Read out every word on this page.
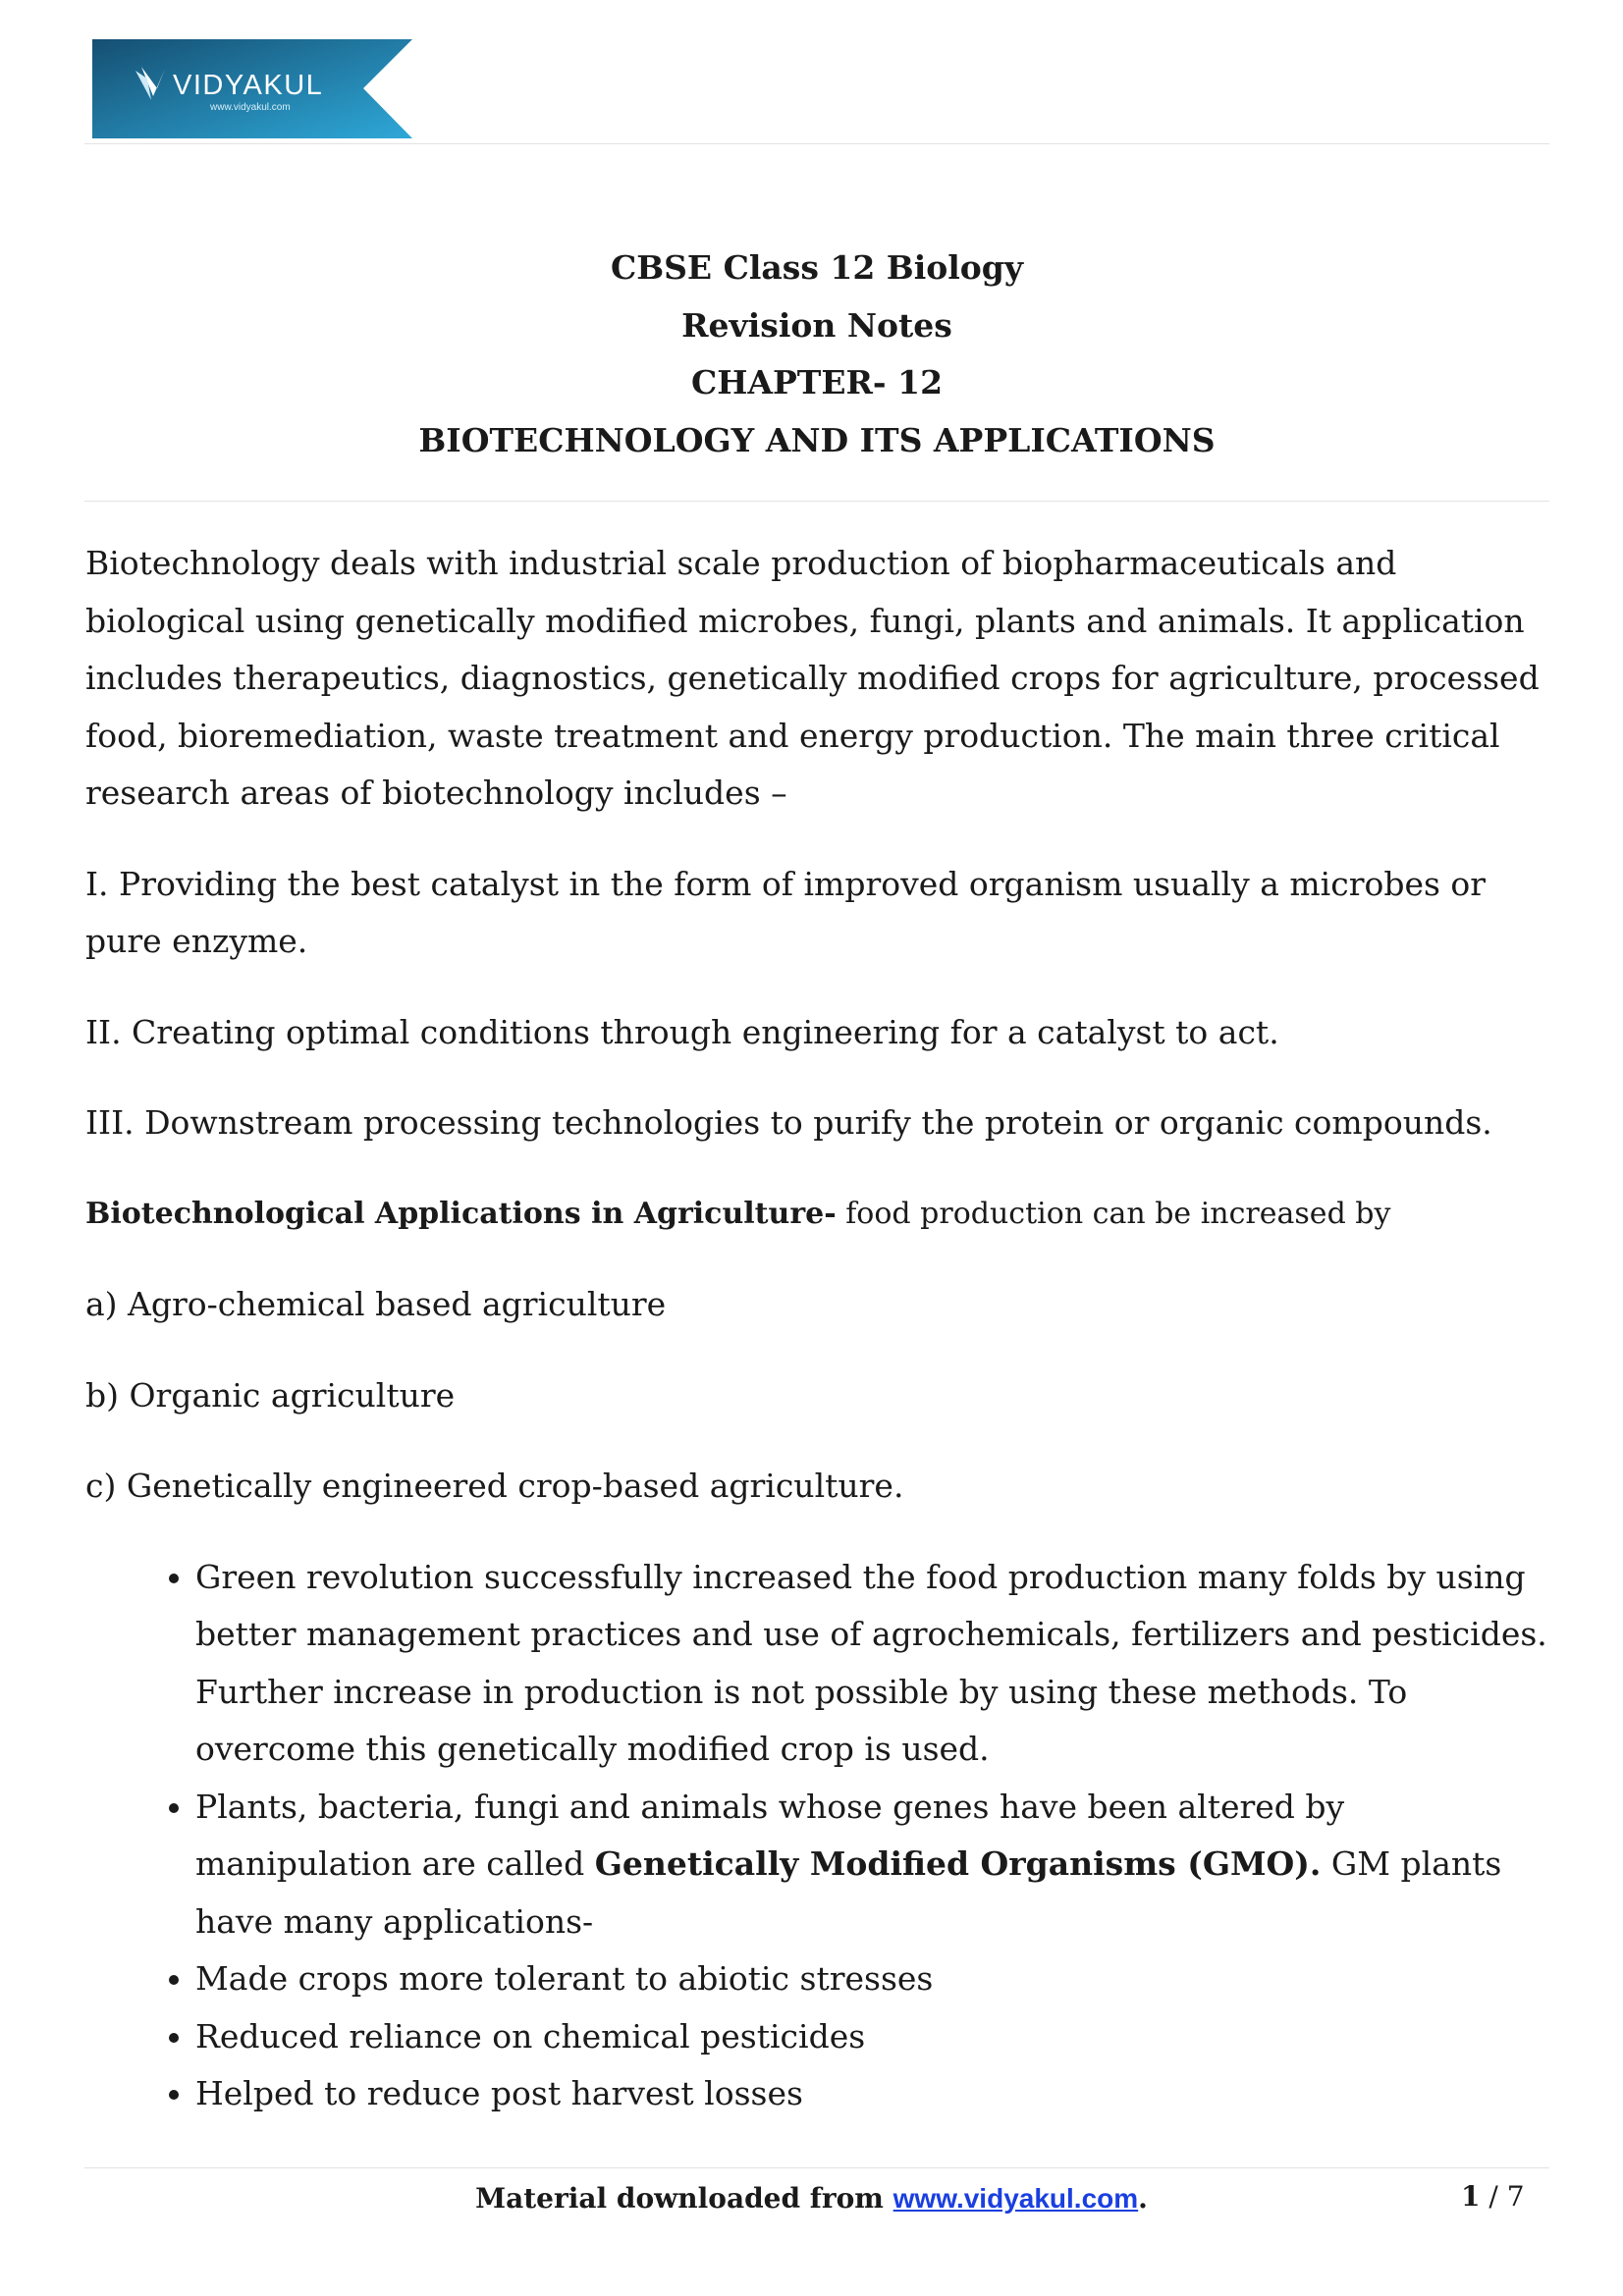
VIDYAKUL
www.vidyakul.com
CBSE Class 12 Biology
Revision Notes
CHAPTER- 12
BIOTECHNOLOGY AND ITS APPLICATIONS

Biotechnology deals with industrial scale production of biopharmaceuticals and biological using genetically modified microbes, fungi, plants and animals. It application includes therapeutics, diagnostics, genetically modified crops for agriculture, processed food, bioremediation, waste treatment and energy production. The main three critical research areas of biotechnology includes –

I. Providing the best catalyst in the form of improved organism usually a microbes or pure enzyme.

II. Creating optimal conditions through engineering for a catalyst to act.

III. Downstream processing technologies to purify the protein or organic compounds.

Biotechnological Applications in Agriculture- food production can be increased by

a) Agro-chemical based agriculture

b) Organic agriculture

c) Genetically engineered crop-based agriculture.

• Green revolution successfully increased the food production many folds by using better management practices and use of agrochemicals, fertilizers and pesticides. Further increase in production is not possible by using these methods. To overcome this genetically modified crop is used.
• Plants, bacteria, fungi and animals whose genes have been altered by manipulation are called Genetically Modified Organisms (GMO). GM plants have many applications-
• Made crops more tolerant to abiotic stresses
• Reduced reliance on chemical pesticides
• Helped to reduce post harvest losses
Material downloaded from www.vidyakul.com.	1 / 7
